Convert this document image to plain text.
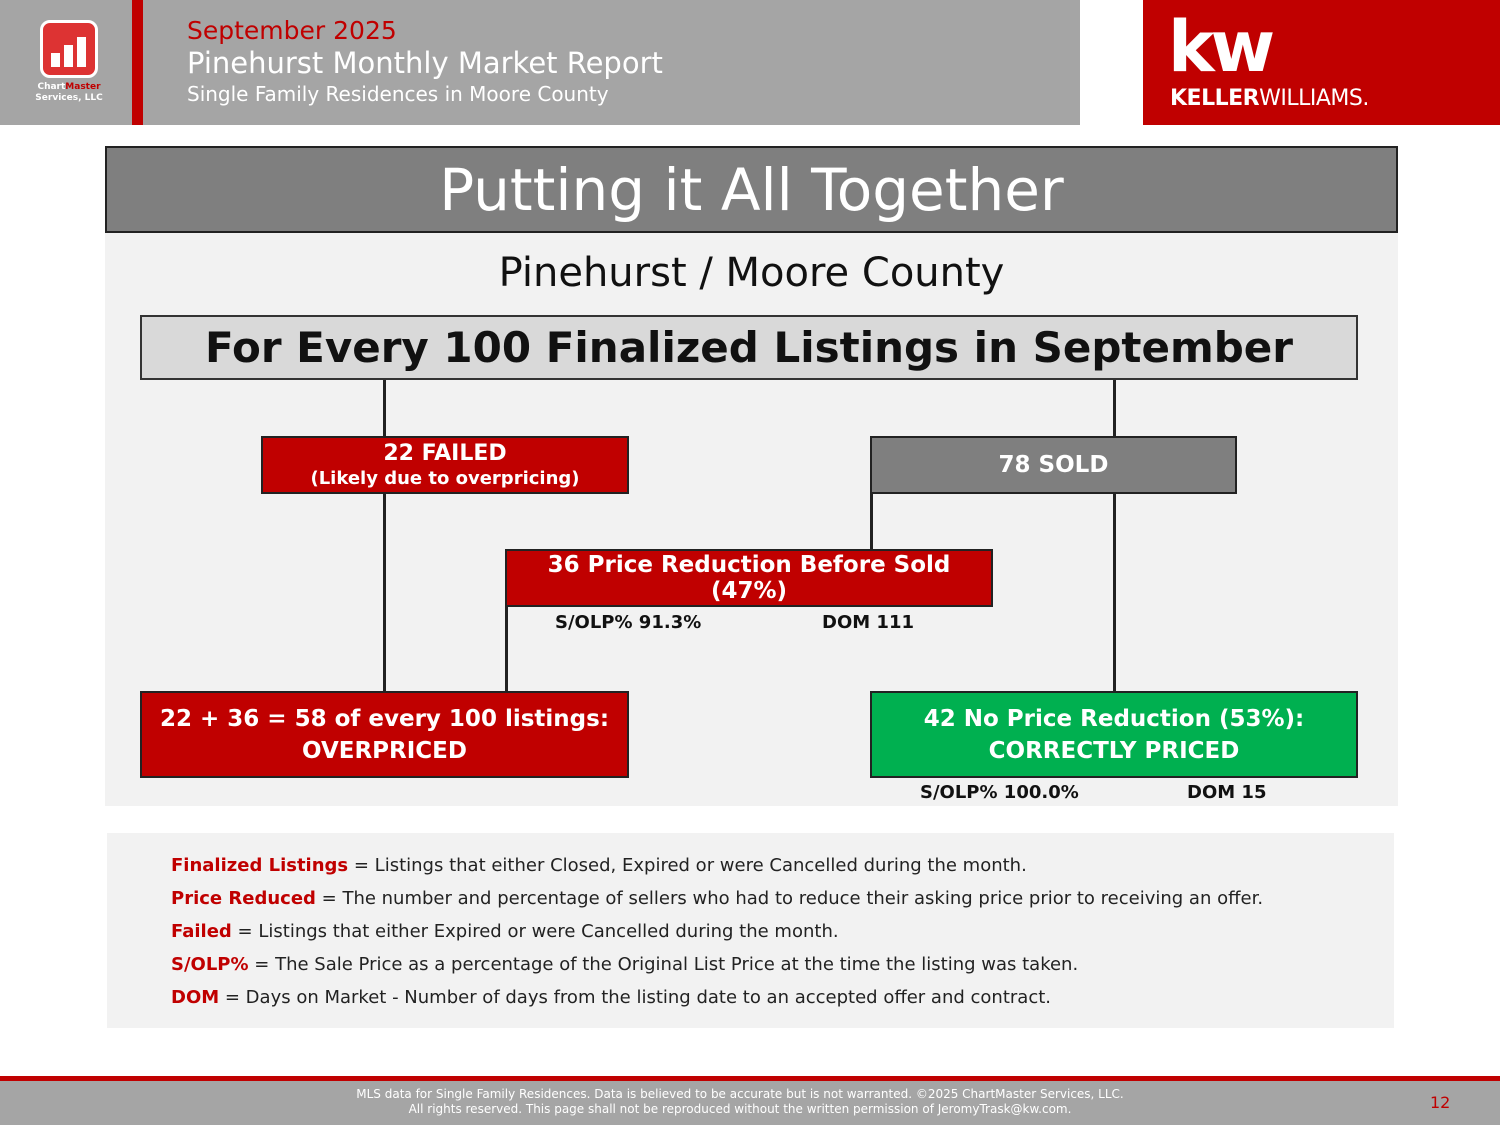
ChartMaster
Services, LLC
September 2025
Pinehurst Monthly Market Report
Single Family Residences in Moore County
kw
KELLERWILLIAMS.
Putting it All Together
Pinehurst / Moore County
For Every 100 Finalized Listings in September
22 FAILED
(Likely due to overpricing)
78 SOLD
36 Price Reduction Before Sold (47%)
S/OLP% 91.3%	DOM 111
22 + 36 = 58 of every 100 listings:
OVERPRICED
42 No Price Reduction (53%):
CORRECTLY PRICED
S/OLP% 100.0%	DOM 15
Finalized Listings = Listings that either Closed, Expired or were Cancelled during the month.
Price Reduced = The number and percentage of sellers who had to reduce their asking price prior to receiving an offer.
Failed = Listings that either Expired or were Cancelled during the month.
S/OLP% = The Sale Price as a percentage of the Original List Price at the time the listing was taken.
DOM = Days on Market - Number of days from the listing date to an accepted offer and contract.
MLS data for Single Family Residences. Data is believed to be accurate but is not warranted. ©2025 ChartMaster Services, LLC.
All rights reserved. This page shall not be reproduced without the written permission of JeromyTrask@kw.com.	12
